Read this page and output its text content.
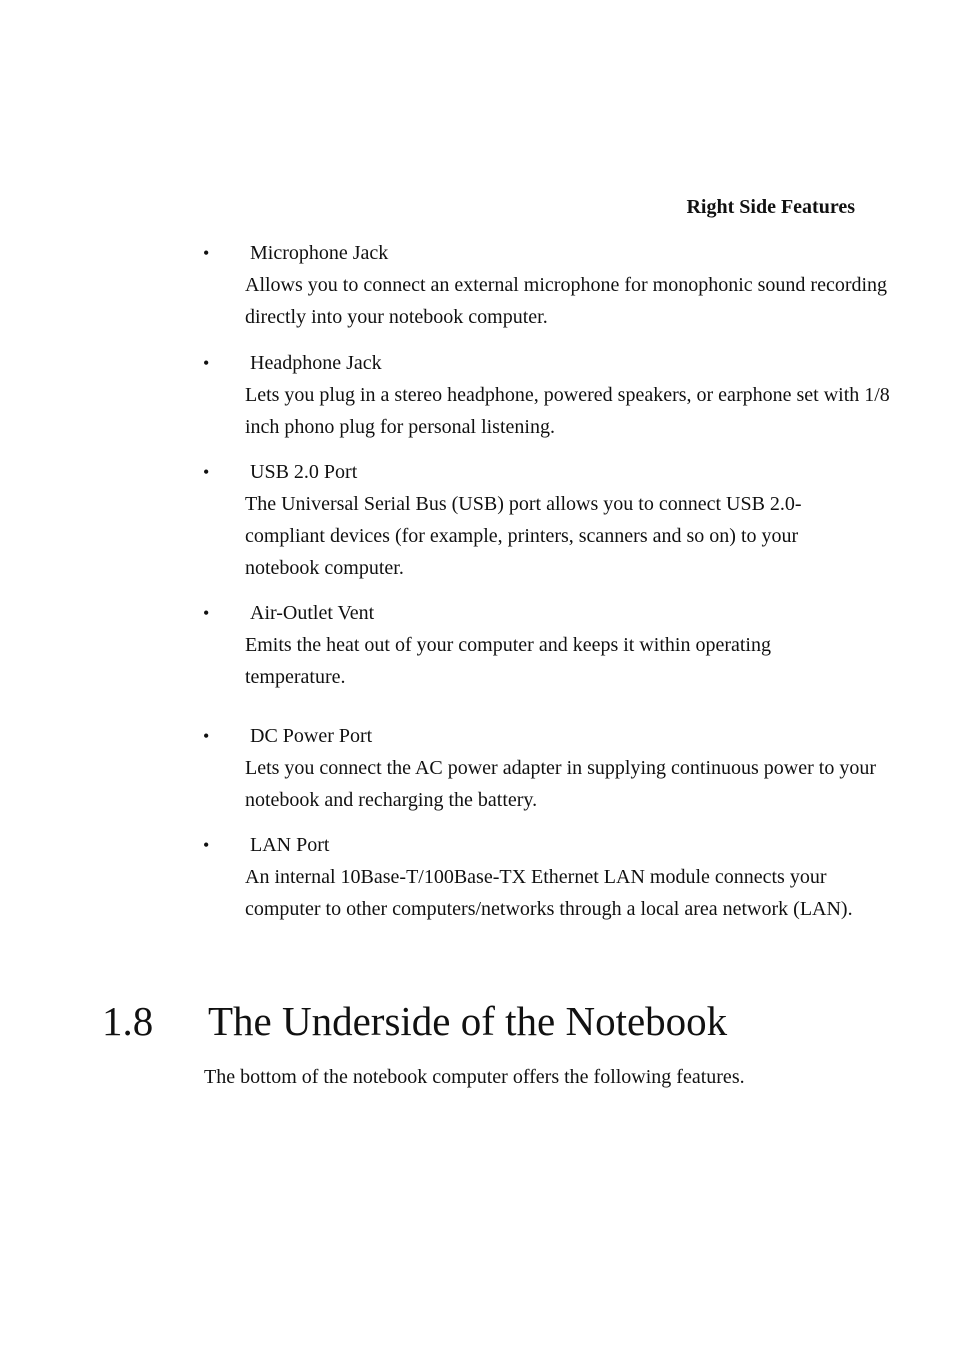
Right Side Features
• Microphone Jack
Allows you to connect an external microphone for monophonic sound recording directly into your notebook computer.
• Headphone Jack
Lets you plug in a stereo headphone, powered speakers, or earphone set with 1/8 inch phono plug for personal listening.
• USB 2.0 Port
The Universal Serial Bus (USB) port allows you to connect USB 2.0-compliant devices (for example, printers, scanners and so on) to your notebook computer.
• Air-Outlet Vent
Emits the heat out of your computer and keeps it within operating temperature.
• DC Power Port
Lets you connect the AC power adapter in supplying continuous power to your notebook and recharging the battery.
• LAN Port
An internal 10Base-T/100Base-TX Ethernet LAN module connects your computer to other computers/networks through a local area network (LAN).
1.8 The Underside of the Notebook

The bottom of the notebook computer offers the following features.
